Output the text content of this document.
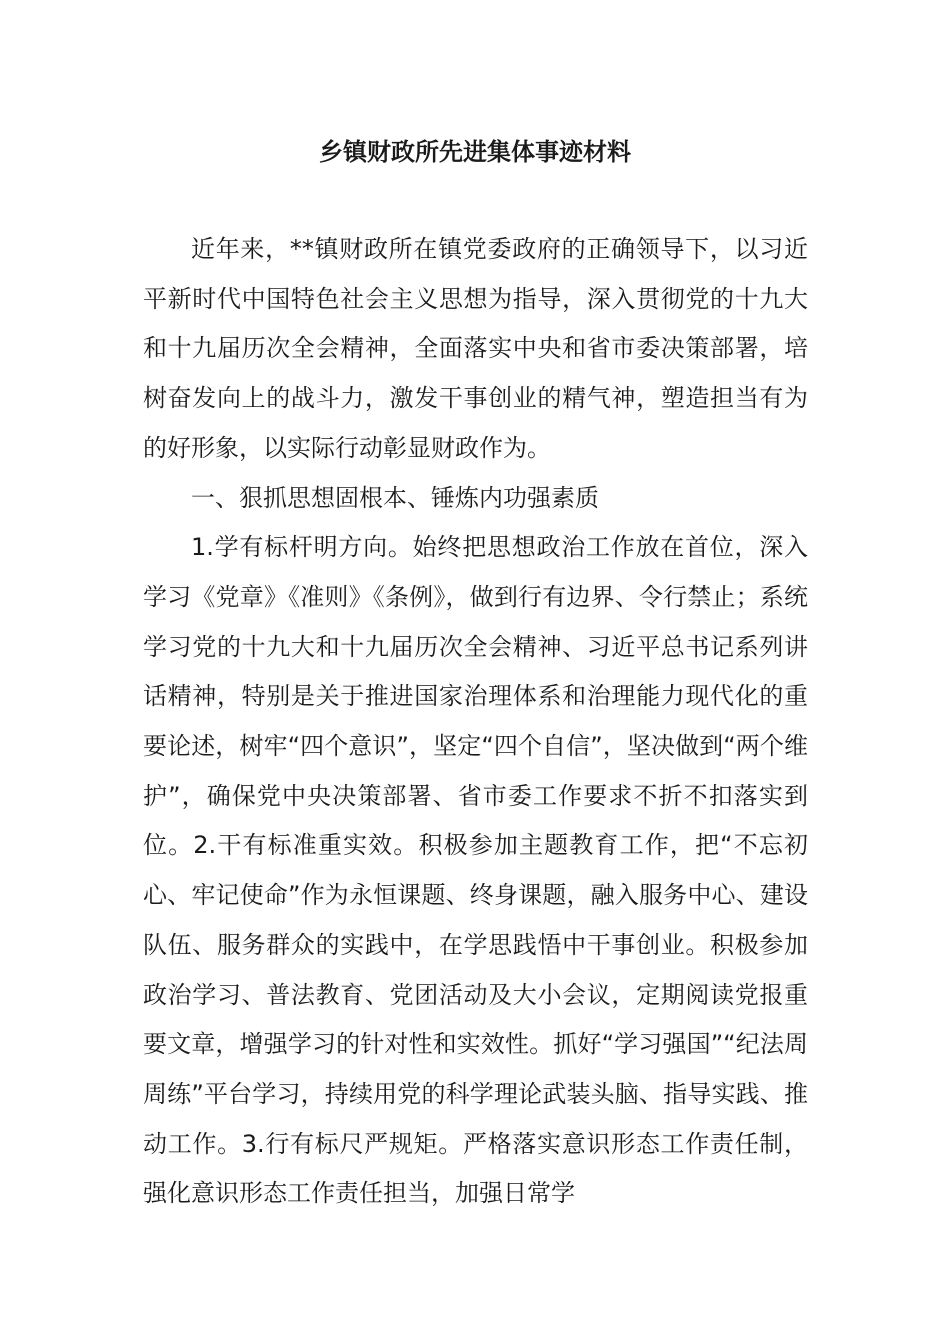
乡镇财政所先进集体事迹材料

近年来，**镇财政所在镇党委政府的正确领导下，以习近平新时代中国特色社会主义思想为指导，深入贯彻党的十九大和十九届历次全会精神，全面落实中央和省市委决策部署，培树奋发向上的战斗力，激发干事创业的精气神，塑造担当有为的好形象，以实际行动彰显财政作为。

一、狠抓思想固根本、锤炼内功强素质

1.学有标杆明方向。始终把思想政治工作放在首位，深入学习《党章》《准则》《条例》，做到行有边界、令行禁止；系统学习党的十九大和十九届历次全会精神、习近平总书记系列讲话精神，特别是关于推进国家治理体系和治理能力现代化的重要论述，树牢“四个意识”，坚定“四个自信”，坚决做到“两个维护”，确保党中央决策部署、省市委工作要求不折不扣落实到位。2.干有标准重实效。积极参加主题教育工作，把“不忘初心、牢记使命”作为永恒课题、终身课题，融入服务中心、建设队伍、服务群众的实践中，在学思践悟中干事创业。积极参加政治学习、普法教育、党团活动及大小会议，定期阅读党报重要文章，增强学习的针对性和实效性。抓好“学习强国”“纪法周周练”平台学习，持续用党的科学理论武装头脑、指导实践、推动工作。3.行有标尺严规矩。严格落实意识形态工作责任制，强化意识形态工作责任担当，加强日常学
